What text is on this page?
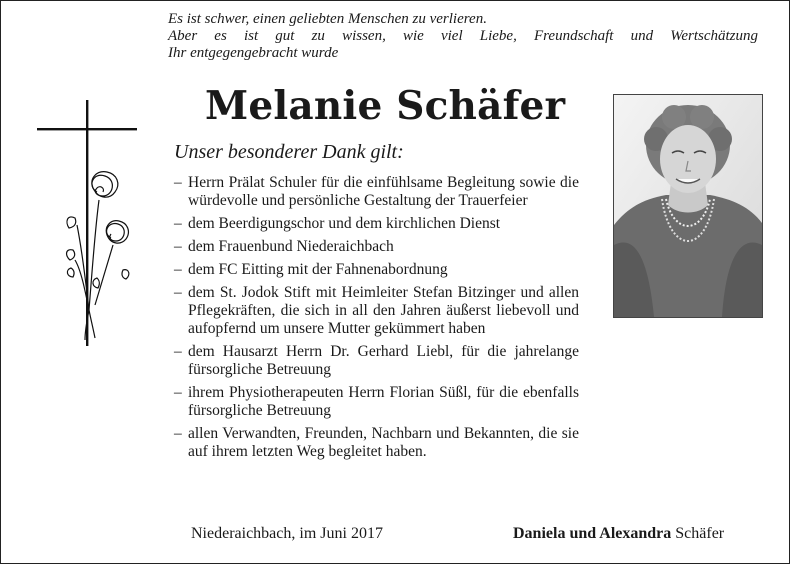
Es ist schwer, einen geliebten Menschen zu verlieren.
Aber es ist gut zu wissen, wie viel Liebe, Freundschaft und Wertschätzung
Ihr entgegengebracht wurde
Melanie Schäfer
Unser besonderer Dank gilt:
– Herrn Prälat Schuler für die einfühlsame Begleitung sowie die würdevolle und persönliche Gestaltung der Trauerfeier
– dem Beerdigungschor und dem kirchlichen Dienst
– dem Frauenbund Niederaichbach
– dem FC Eitting mit der Fahnenabordnung
– dem St. Jodok Stift mit Heimleiter Stefan Bitzinger und allen Pflegekräften, die sich in all den Jahren äußerst liebevoll und aufopfernd um unsere Mutter gekümmert haben
– dem Hausarzt Herrn Dr. Gerhard Liebl, für die jahrelange fürsorgliche Betreuung
– ihrem Physiotherapeuten Herrn Florian Süßl, für die ebenfalls fürsorgliche Betreuung
– allen Verwandten, Freunden, Nachbarn und Bekannten, die sie auf ihrem letzten Weg begleitet haben.
Niederaichbach, im Juni 2017	Daniela und Alexandra Schäfer
